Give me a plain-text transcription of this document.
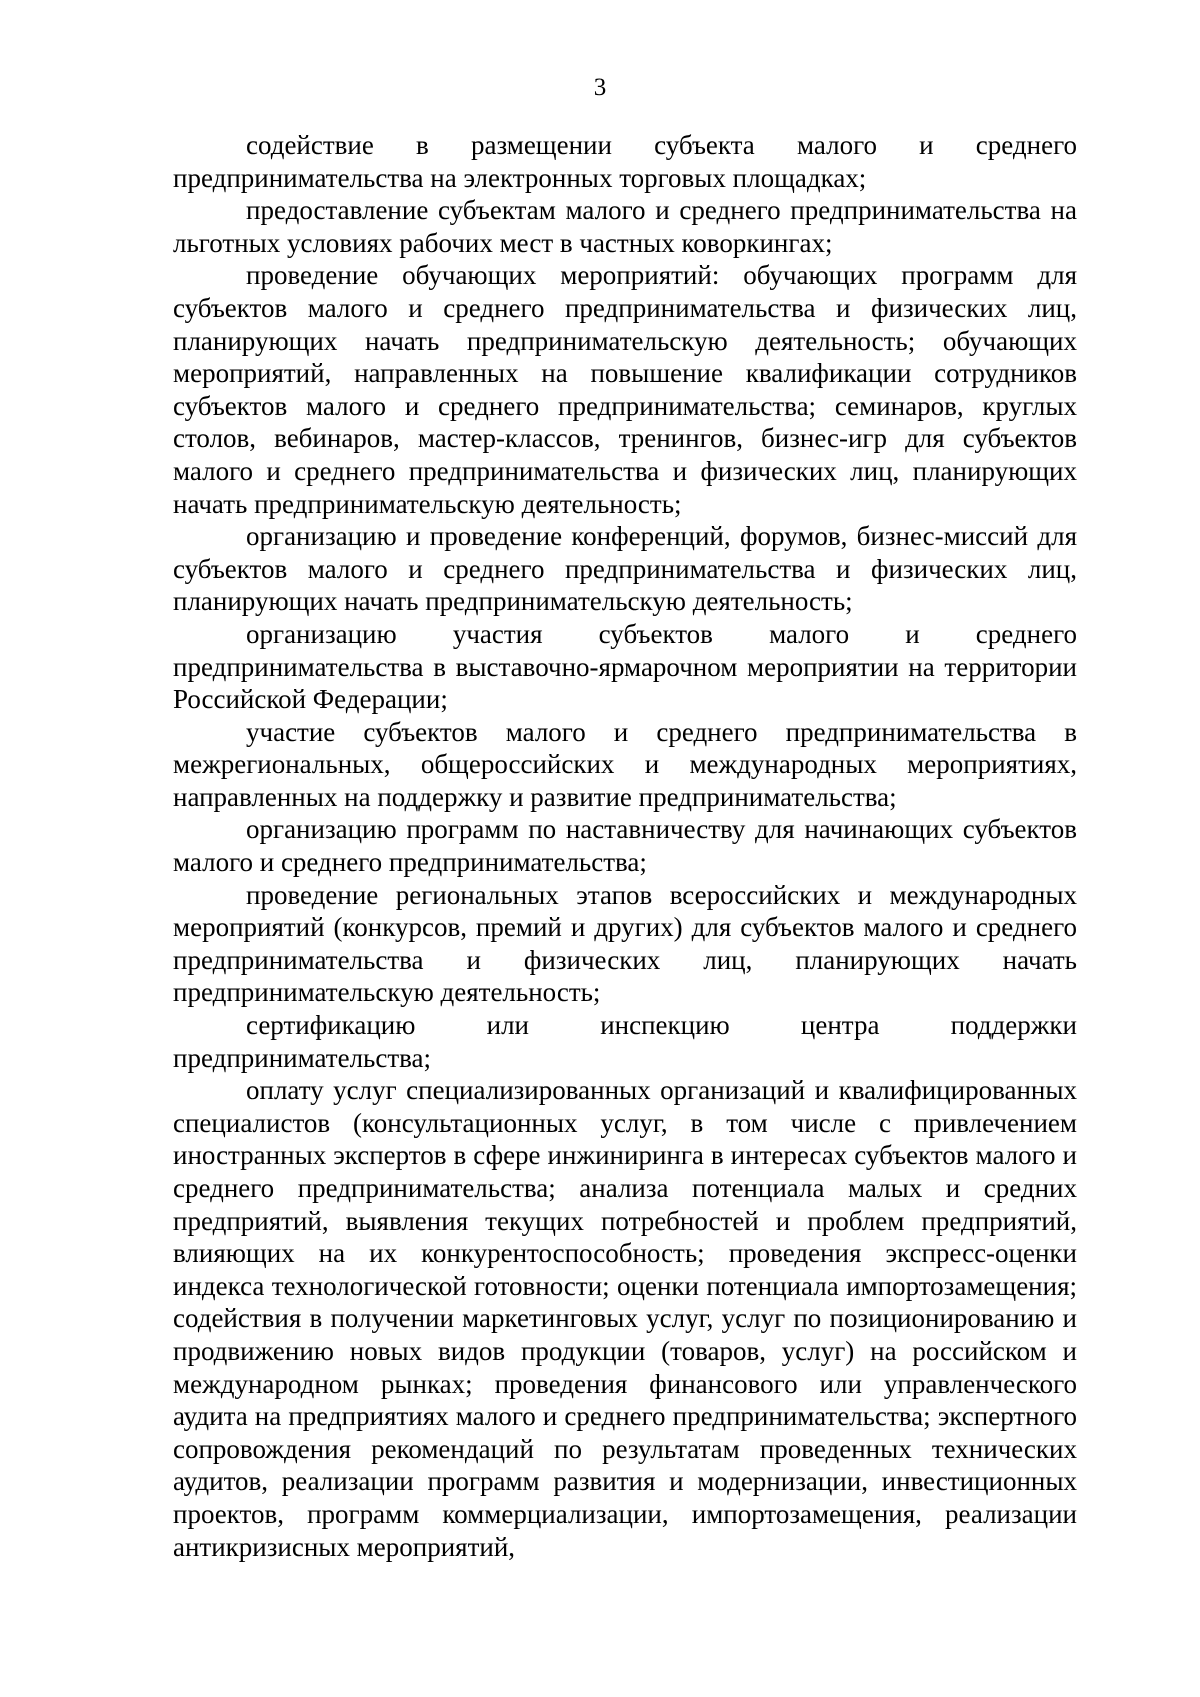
3

содействие в размещении субъекта малого и среднего предпринимательства на электронных торговых площадках;

предоставление субъектам малого и среднего предпринимательства на льготных условиях рабочих мест в частных коворкингах;

проведение обучающих мероприятий: обучающих программ для субъектов малого и среднего предпринимательства и физических лиц, планирующих начать предпринимательскую деятельность; обучающих мероприятий, направленных на повышение квалификации сотрудников субъектов малого и среднего предпринимательства; семинаров, круглых столов, вебинаров, мастер-классов, тренингов, бизнес-игр для субъектов малого и среднего предпринимательства и физических лиц, планирующих начать предпринимательскую деятельность;

организацию и проведение конференций, форумов, бизнес-миссий для субъектов малого и среднего предпринимательства и физических лиц, планирующих начать предпринимательскую деятельность;

организацию участия субъектов малого и среднего предпринимательства в выставочно-ярмарочном мероприятии на территории Российской Федерации;

участие субъектов малого и среднего предпринимательства в межрегиональных, общероссийских и международных мероприятиях, направленных на поддержку и развитие предпринимательства;

организацию программ по наставничеству для начинающих субъектов малого и среднего предпринимательства;

проведение региональных этапов всероссийских и международных мероприятий (конкурсов, премий и других) для субъектов малого и среднего предпринимательства и физических лиц, планирующих начать предпринимательскую деятельность;

сертификацию или инспекцию центра поддержки предпринимательства;

оплату услуг специализированных организаций и квалифицированных специалистов (консультационных услуг, в том числе с привлечением иностранных экспертов в сфере инжиниринга в интересах субъектов малого и среднего предпринимательства; анализа потенциала малых и средних предприятий, выявления текущих потребностей и проблем предприятий, влияющих на их конкурентоспособность; проведения экспресс-оценки индекса технологической готовности; оценки потенциала импортозамещения; содействия в получении маркетинговых услуг, услуг по позиционированию и продвижению новых видов продукции (товаров, услуг) на российском и международном рынках; проведения финансового или управленческого аудита на предприятиях малого и среднего предпринимательства; экспертного сопровождения рекомендаций по результатам проведенных технических аудитов, реализации программ развития и модернизации, инвестиционных проектов, программ коммерциализации, импортозамещения, реализации антикризисных мероприятий,
